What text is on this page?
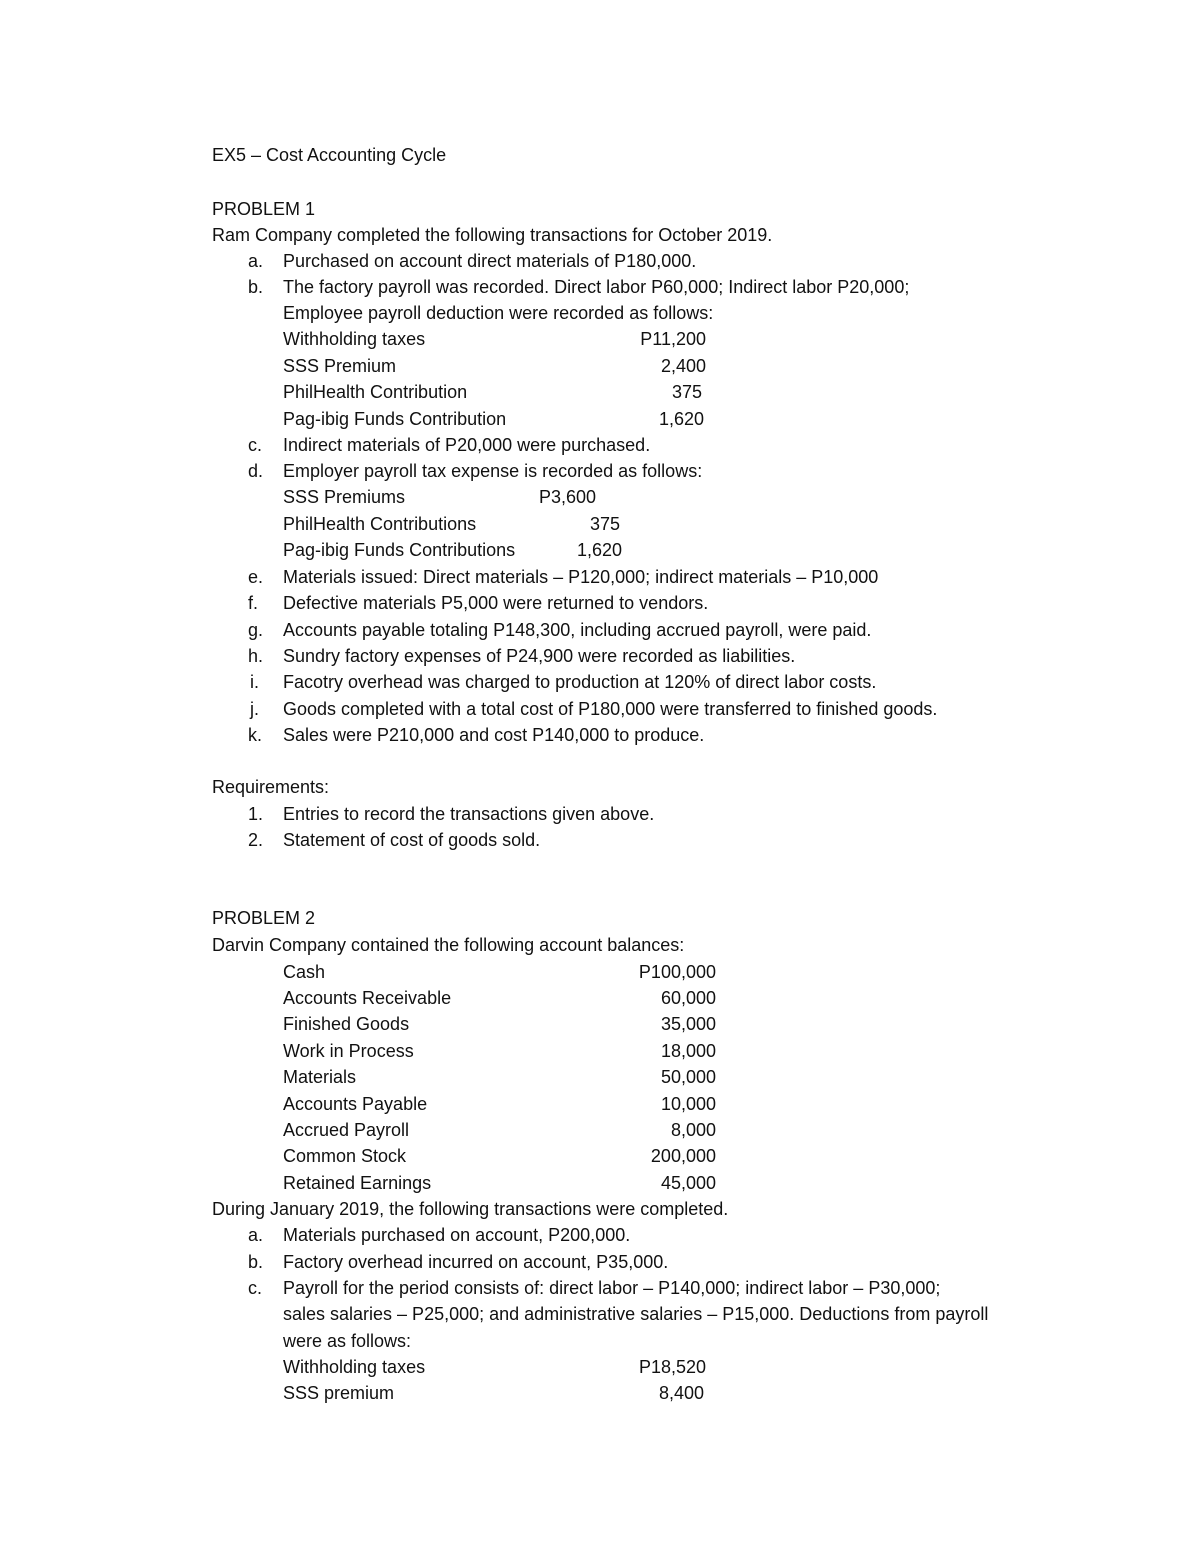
EX5 – Cost Accounting Cycle
PROBLEM 1
Ram Company completed the following transactions for October 2019.
a. Purchased on account direct materials of P180,000.
b. The factory payroll was recorded. Direct labor P60,000; Indirect labor P20,000;
Employee payroll deduction were recorded as follows:
Withholding taxes	P11,200
SSS Premium	2,400
PhilHealth Contribution	375
Pag-ibig Funds Contribution	1,620
c. Indirect materials of P20,000 were purchased.
d. Employer payroll tax expense is recorded as follows:
SSS Premiums	P3,600
PhilHealth Contributions	375
Pag-ibig Funds Contributions	1,620
e. Materials issued: Direct materials – P120,000; indirect materials – P10,000
f. Defective materials P5,000 were returned to vendors.
g. Accounts payable totaling P148,300, including accrued payroll, were paid.
h. Sundry factory expenses of P24,900 were recorded as liabilities.
i. Facotry overhead was charged to production at 120% of direct labor costs.
j. Goods completed with a total cost of P180,000 were transferred to finished goods.
k. Sales were P210,000 and cost P140,000 to produce.
Requirements:
1. Entries to record the transactions given above.
2. Statement of cost of goods sold.
PROBLEM 2
Darvin Company contained the following account balances:
Cash	P100,000
Accounts Receivable	60,000
Finished Goods	35,000
Work in Process	18,000
Materials	50,000
Accounts Payable	10,000
Accrued Payroll	8,000
Common Stock	200,000
Retained Earnings	45,000
During January 2019, the following transactions were completed.
a. Materials purchased on account, P200,000.
b. Factory overhead incurred on account, P35,000.
c. Payroll for the period consists of: direct labor – P140,000; indirect labor – P30,000;
sales salaries – P25,000; and administrative salaries – P15,000. Deductions from payroll
were as follows:
Withholding taxes	P18,520
SSS premium	8,400
